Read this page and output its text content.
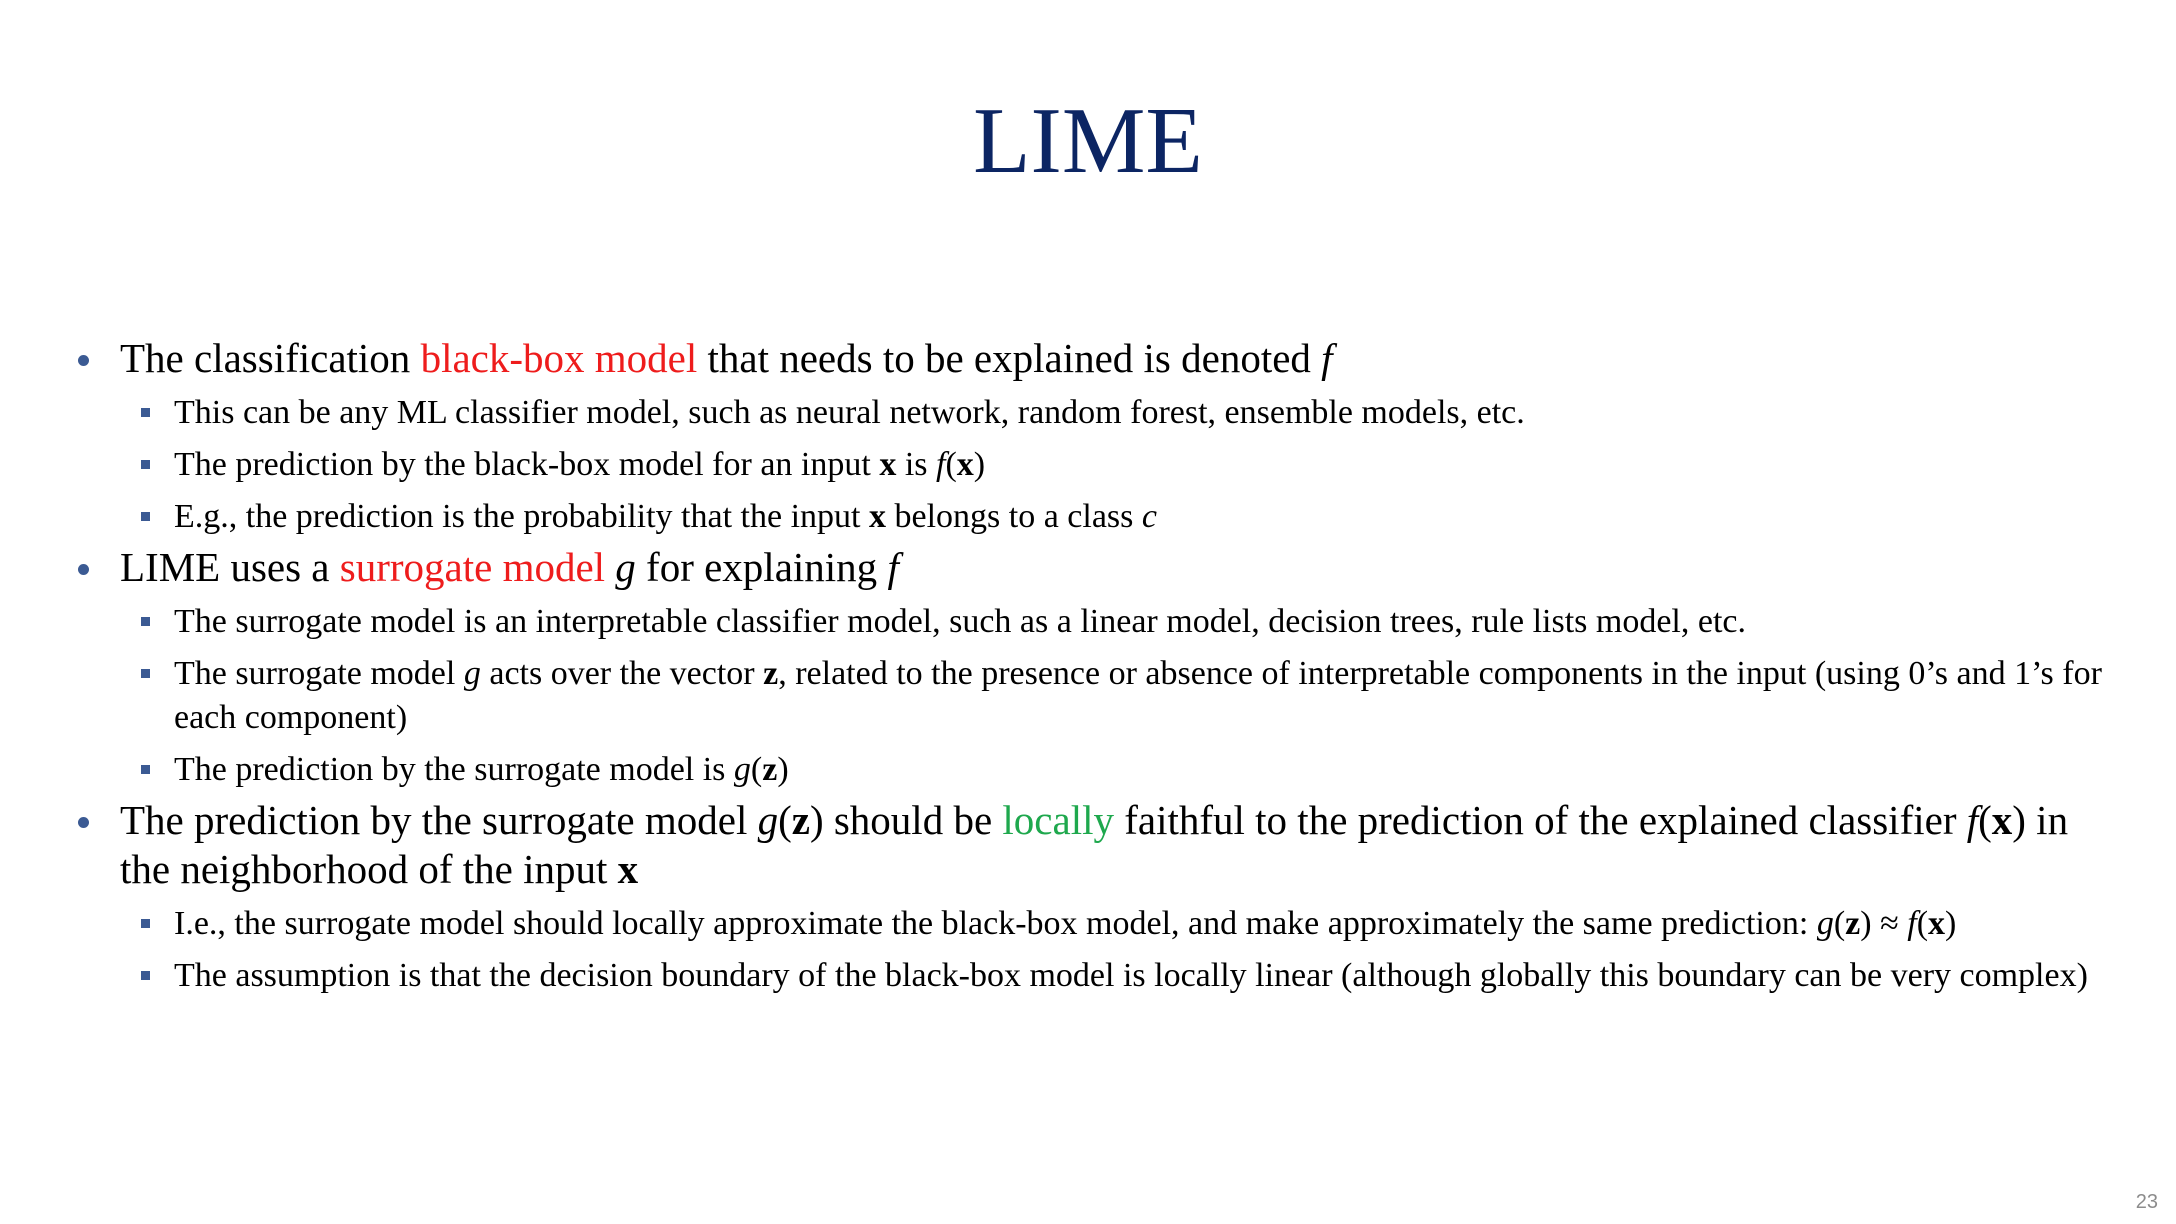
LIME
The classification black-box model that needs to be explained is denoted f
This can be any ML classifier model, such as neural network, random forest, ensemble models, etc.
The prediction by the black-box model for an input x is f(x)
E.g., the prediction is the probability that the input x belongs to a class c
LIME uses a surrogate model g for explaining f
The surrogate model is an interpretable classifier model, such as a linear model, decision trees, rule lists model, etc.
The surrogate model g acts over the vector z, related to the presence or absence of interpretable components in the input (using 0’s and 1’s for each component)
The prediction by the surrogate model is g(z)
The prediction by the surrogate model g(z) should be locally faithful to the prediction of the explained classifier f(x) in the neighborhood of the input x
I.e., the surrogate model should locally approximate the black-box model, and make approximately the same prediction: g(z) ≈ f(x)
The assumption is that the decision boundary of the black-box model is locally linear (although globally this boundary can be very complex)
23
